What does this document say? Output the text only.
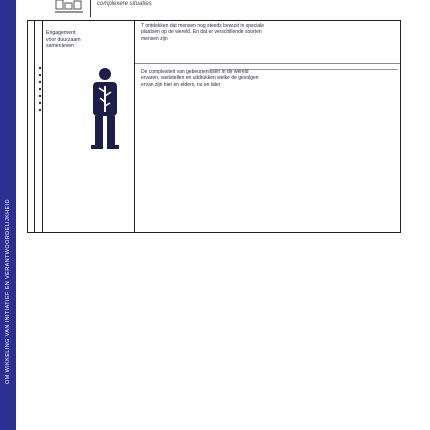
OM WIKKELING VAN INITIATIEF EN VERANTWOORDELIJKHEID
complexere situaties
Engagement
voor duurzaam
samenleven
T ontdekken dat mensen nog steeds bewust in speciale
plaatsen op de wereld. En dat er verschillende soorten
mensen zijn
De complexiteit van gebeurtenissen in de wereld
ervaren, vaststellen en uitdrukken welke de gevolgen
ervan zijn hier en elders, nu en later
